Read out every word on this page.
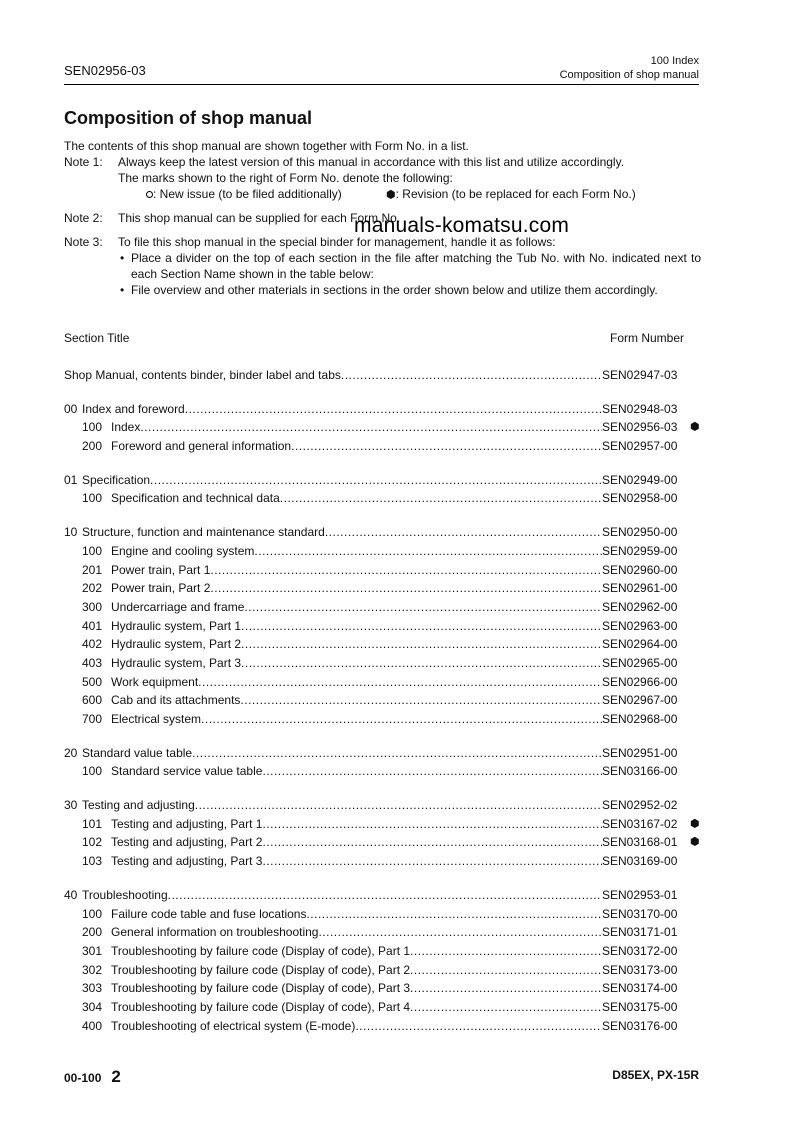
SEN02956-03
100 Index
Composition of shop manual
Composition of shop manual
The contents of this shop manual are shown together with Form No. in a list.
Note 1: Always keep the latest version of this manual in accordance with this list and utilize accordingly.
The marks shown to the right of Form No. denote the following:
: New issue (to be filed additionally)	⬢: Revision (to be replaced for each Form No.)
Note 2: This shop manual can be supplied for each Form No.
Note 3: To file this shop manual in the special binder for management, handle it as follows:
• Place a divider on the top of each section in the file after matching the Tub No. with No. indicated next to each Section Name shown in the table below:
• File overview and other materials in sections in the order shown below and utilize them accordingly.
manuals-komatsu.com
Section Title	Form Number
Shop Manual, contents binder, binder label and tabs .....	SEN02947-03
00 Index and foreword .....	SEN02948-03
100 Index .....	SEN02956-03 ⬢
200 Foreword and general information .....	SEN02957-00
01 Specification .....	SEN02949-00
100 Specification and technical data .....	SEN02958-00
10 Structure, function and maintenance standard .....	SEN02950-00
100 Engine and cooling system .....	SEN02959-00
201 Power train, Part 1 .....	SEN02960-00
202 Power train, Part 2 .....	SEN02961-00
300 Undercarriage and frame .....	SEN02962-00
401 Hydraulic system, Part 1 .....	SEN02963-00
402 Hydraulic system, Part 2 .....	SEN02964-00
403 Hydraulic system, Part 3 .....	SEN02965-00
500 Work equipment .....	SEN02966-00
600 Cab and its attachments .....	SEN02967-00
700 Electrical system .....	SEN02968-00
20 Standard value table .....	SEN02951-00
100 Standard service value table .....	SEN03166-00
30 Testing and adjusting .....	SEN02952-02
101 Testing and adjusting, Part 1 .....	SEN03167-02 ⬢
102 Testing and adjusting, Part 2 .....	SEN03168-01 ⬢
103 Testing and adjusting, Part 3 .....	SEN03169-00
40 Troubleshooting .....	SEN02953-01
100 Failure code table and fuse locations .....	SEN03170-00
200 General information on troubleshooting .....	SEN03171-01
301 Troubleshooting by failure code (Display of code), Part 1 .....	SEN03172-00
302 Troubleshooting by failure code (Display of code), Part 2 .....	SEN03173-00
303 Troubleshooting by failure code (Display of code), Part 3 .....	SEN03174-00
304 Troubleshooting by failure code (Display of code), Part 4 .....	SEN03175-00
400 Troubleshooting of electrical system (E-mode) .....	SEN03176-00
00-100 2	D85EX, PX-15R
